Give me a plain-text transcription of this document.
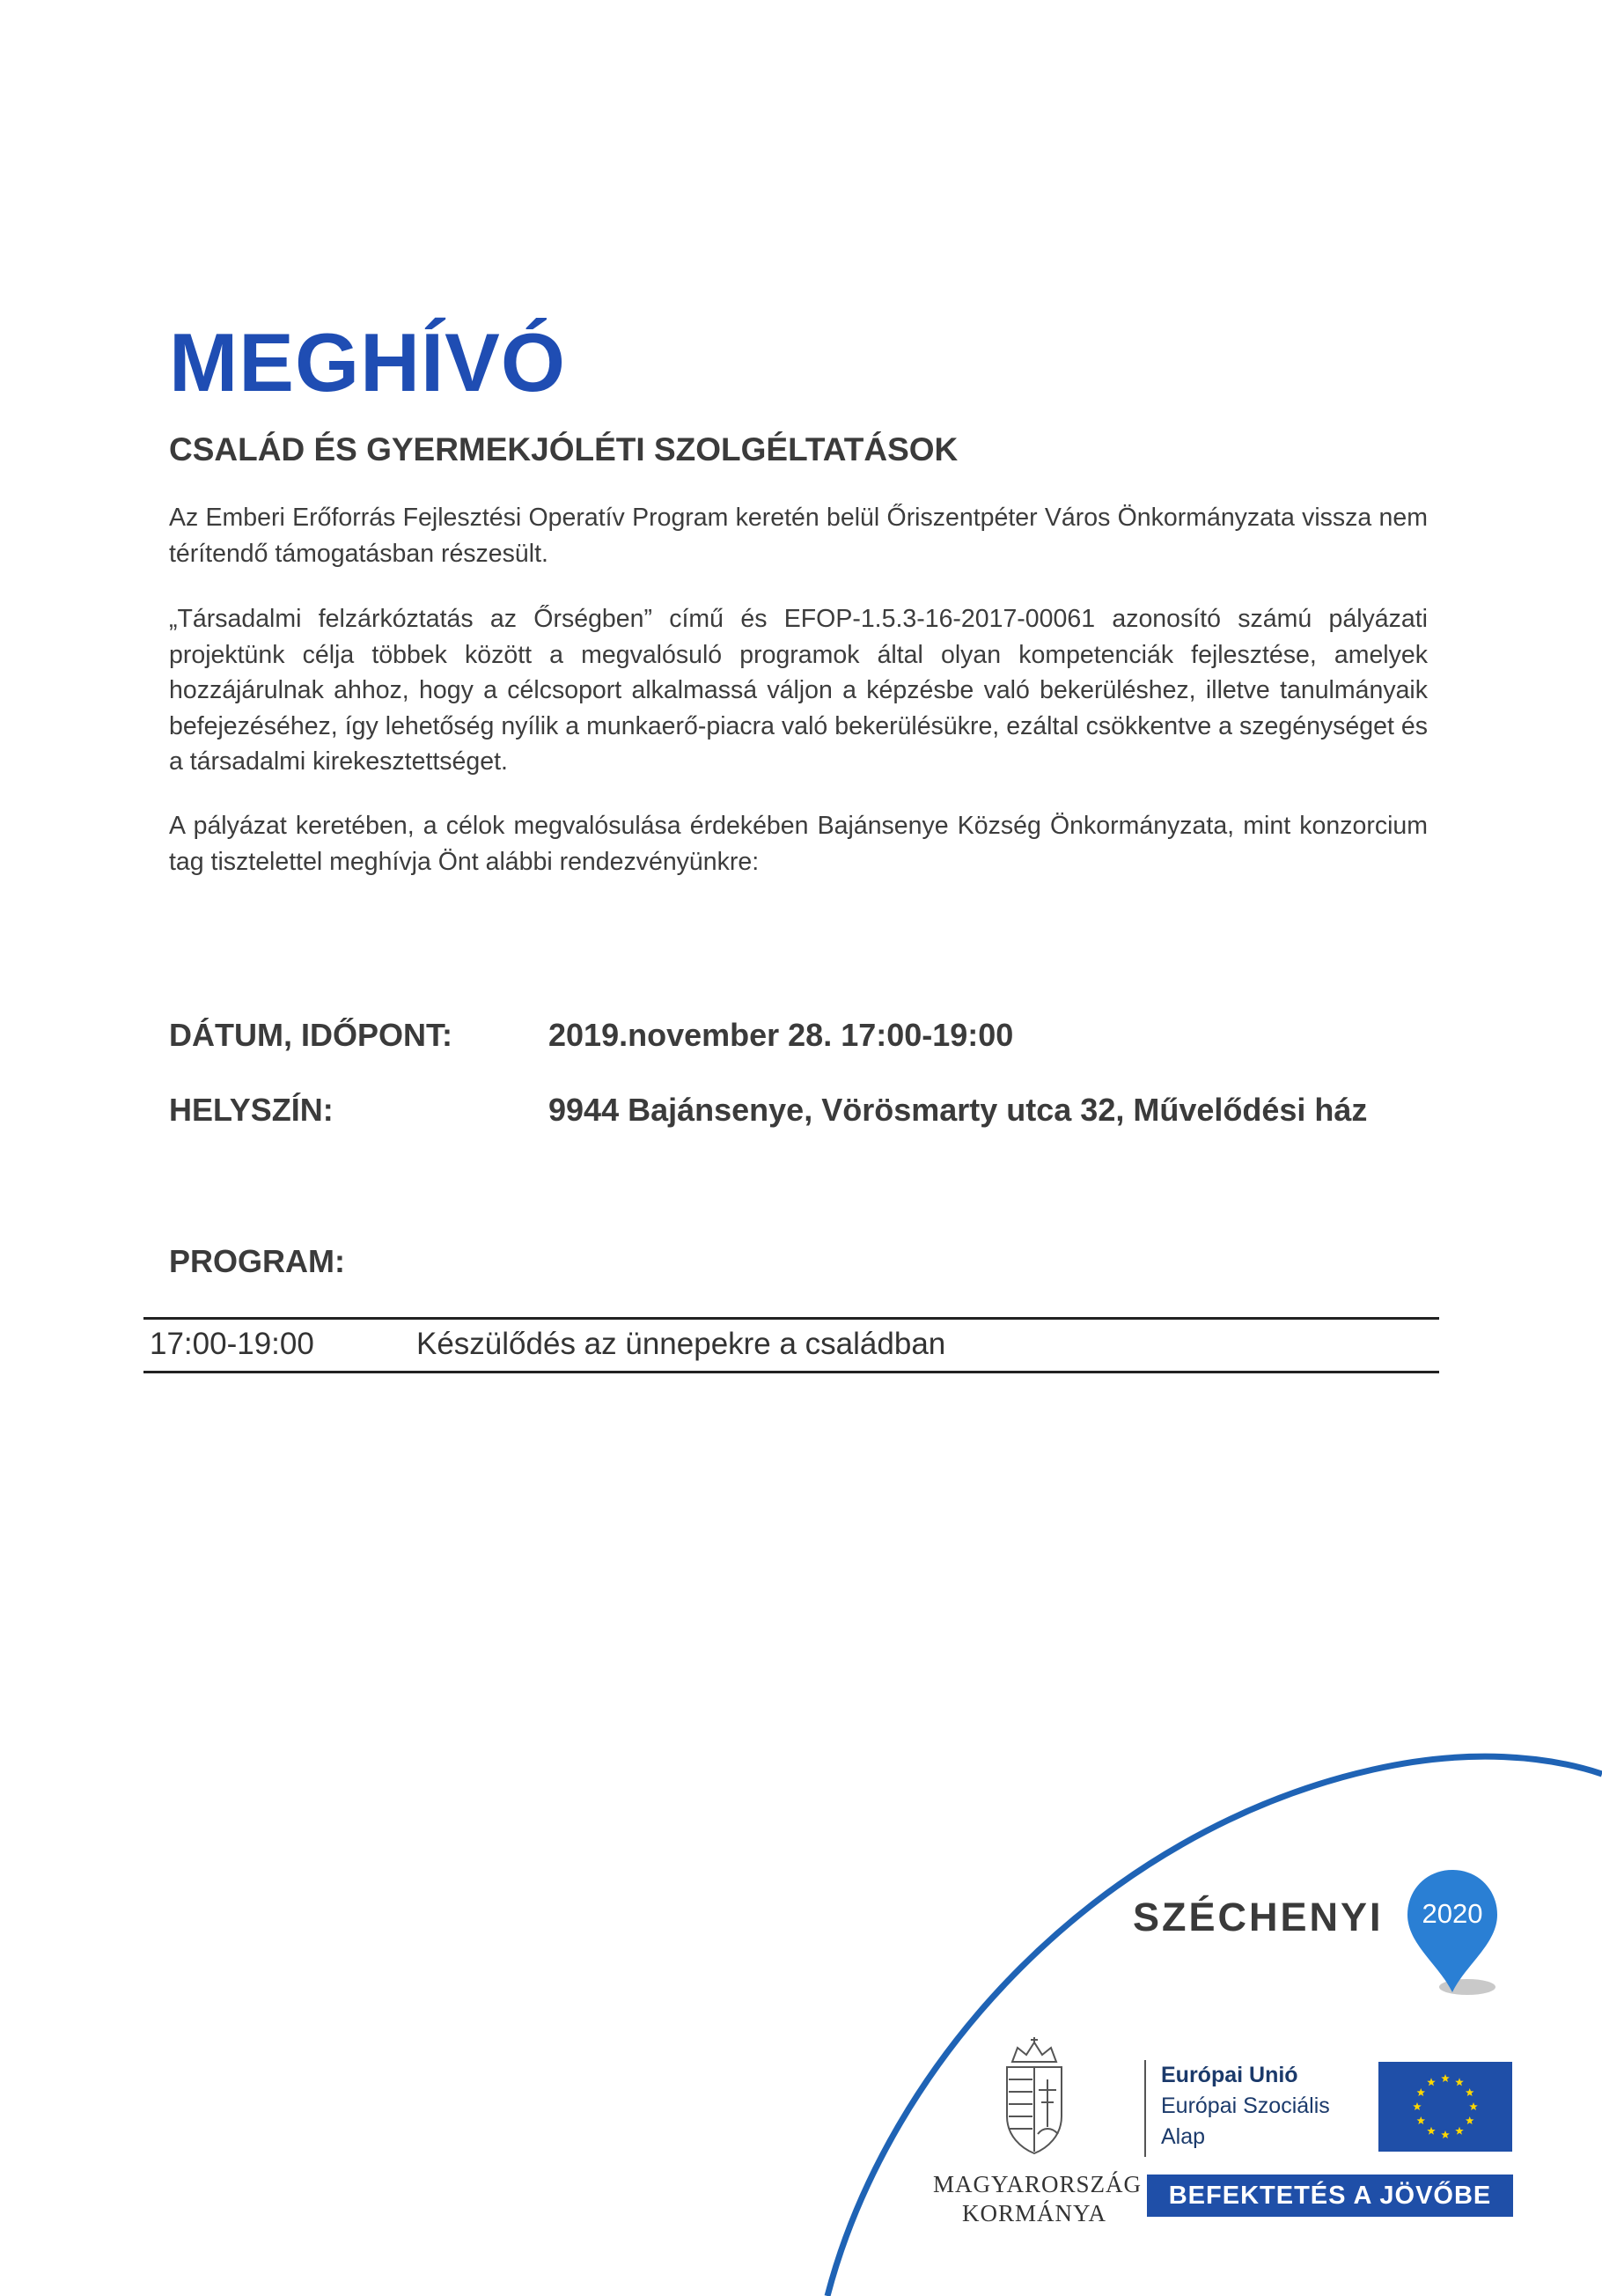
MEGHÍVÓ
CSALÁD ÉS GYERMEKJÓLÉTI SZOLGÉLTATÁSOK

Az Emberi Erőforrás Fejlesztési Operatív Program keretén belül Őriszentpéter Város Önkormányzata vissza nem térítendő támogatásban részesült.

„Társadalmi felzárkóztatás az Őrségben” című és EFOP-1.5.3-16-2017-00061 azonosító számú pályázati projektünk célja többek között a megvalósuló programok által olyan kompetenciák fejlesztése, amelyek hozzájárulnak ahhoz, hogy a célcsoport alkalmassá váljon a képzésbe való bekerüléshez, illetve tanulmányaik befejezéséhez, így lehetőség nyílik a munkaerő-piacra való bekerülésükre, ezáltal csökkentve a szegénységet és a társadalmi kirekesztettséget.

A pályázat keretében, a célok megvalósulása érdekében Bajánsenye Község Önkormányzata, mint konzorcium tag tisztelettel meghívja Önt alábbi rendezvényünkre:

DÁTUM, IDŐPONT:	2019.november 28. 17:00-19:00
HELYSZÍN:	9944 Bajánsenye, Vörösmarty utca 32, Művelődési ház
PROGRAM:
17:00-19:00	Készülődés az ünnepekre a családban
SZÉCHENYI 2020
MAGYARORSZÁG
KORMÁNYA
Európai Unió
Európai Szociális
Alap
BEFEKTETÉS A JÖVŐBE
